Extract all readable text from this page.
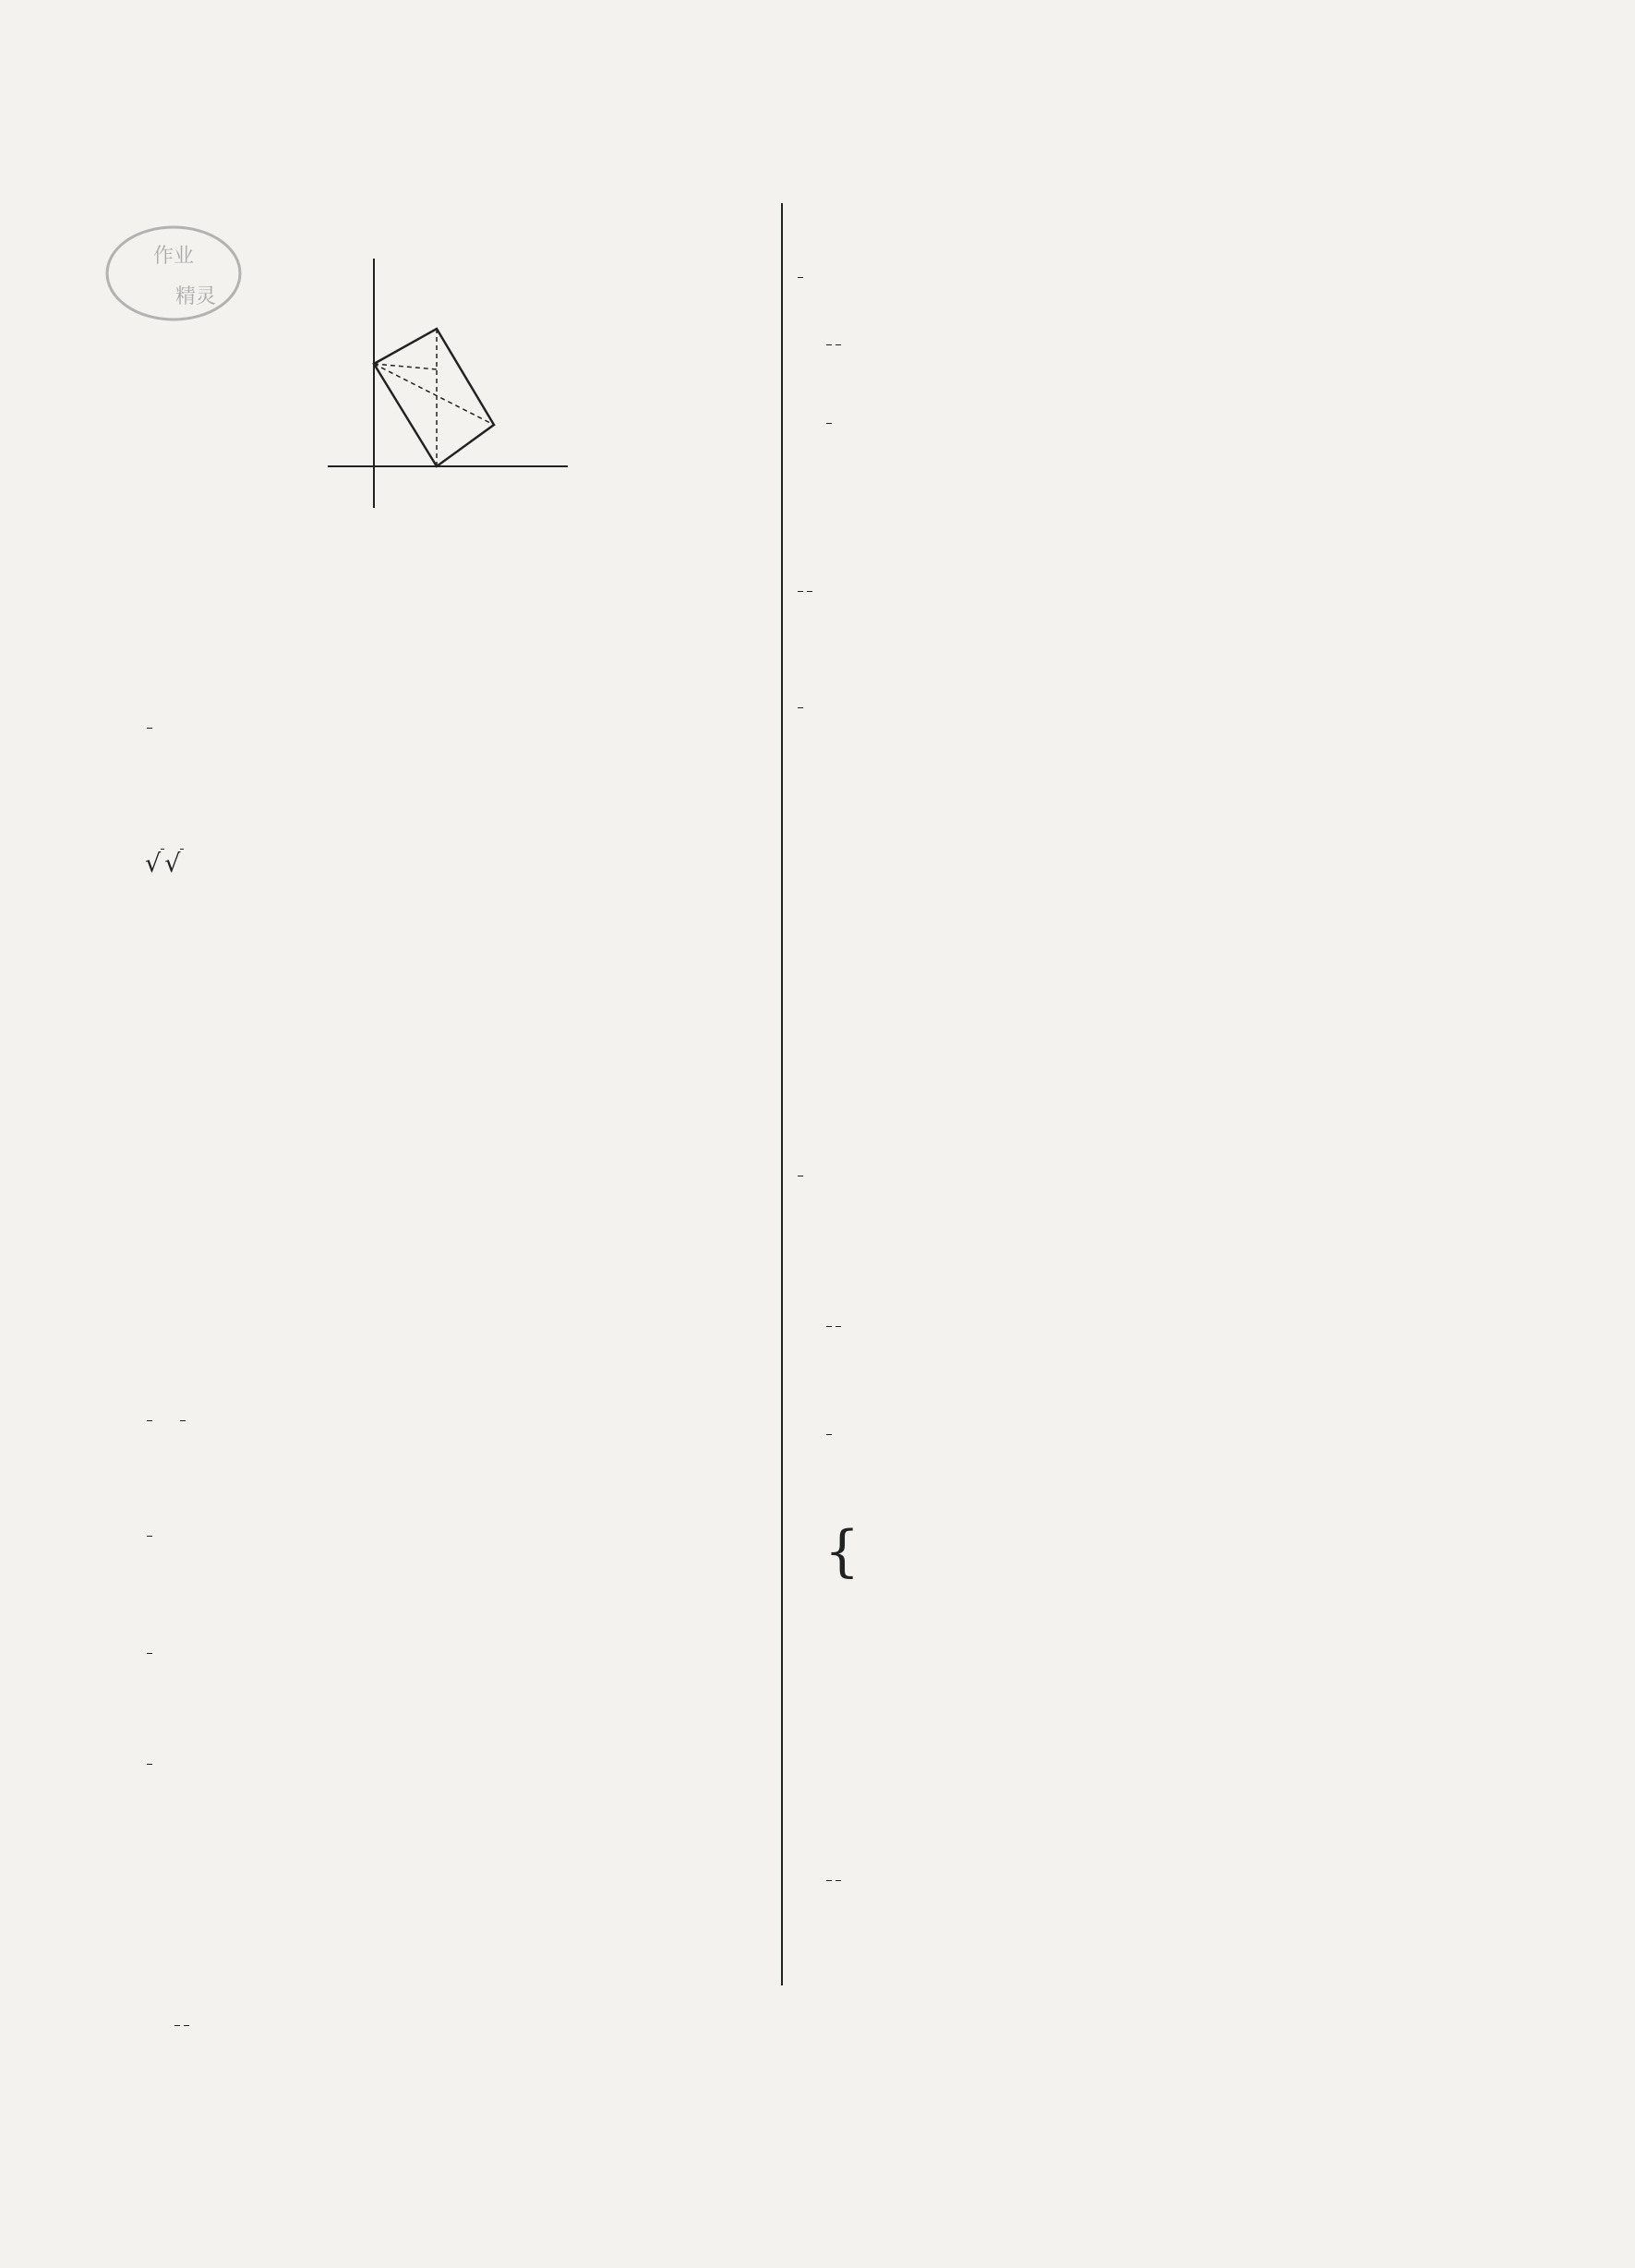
作业
精灵
√ √

{
